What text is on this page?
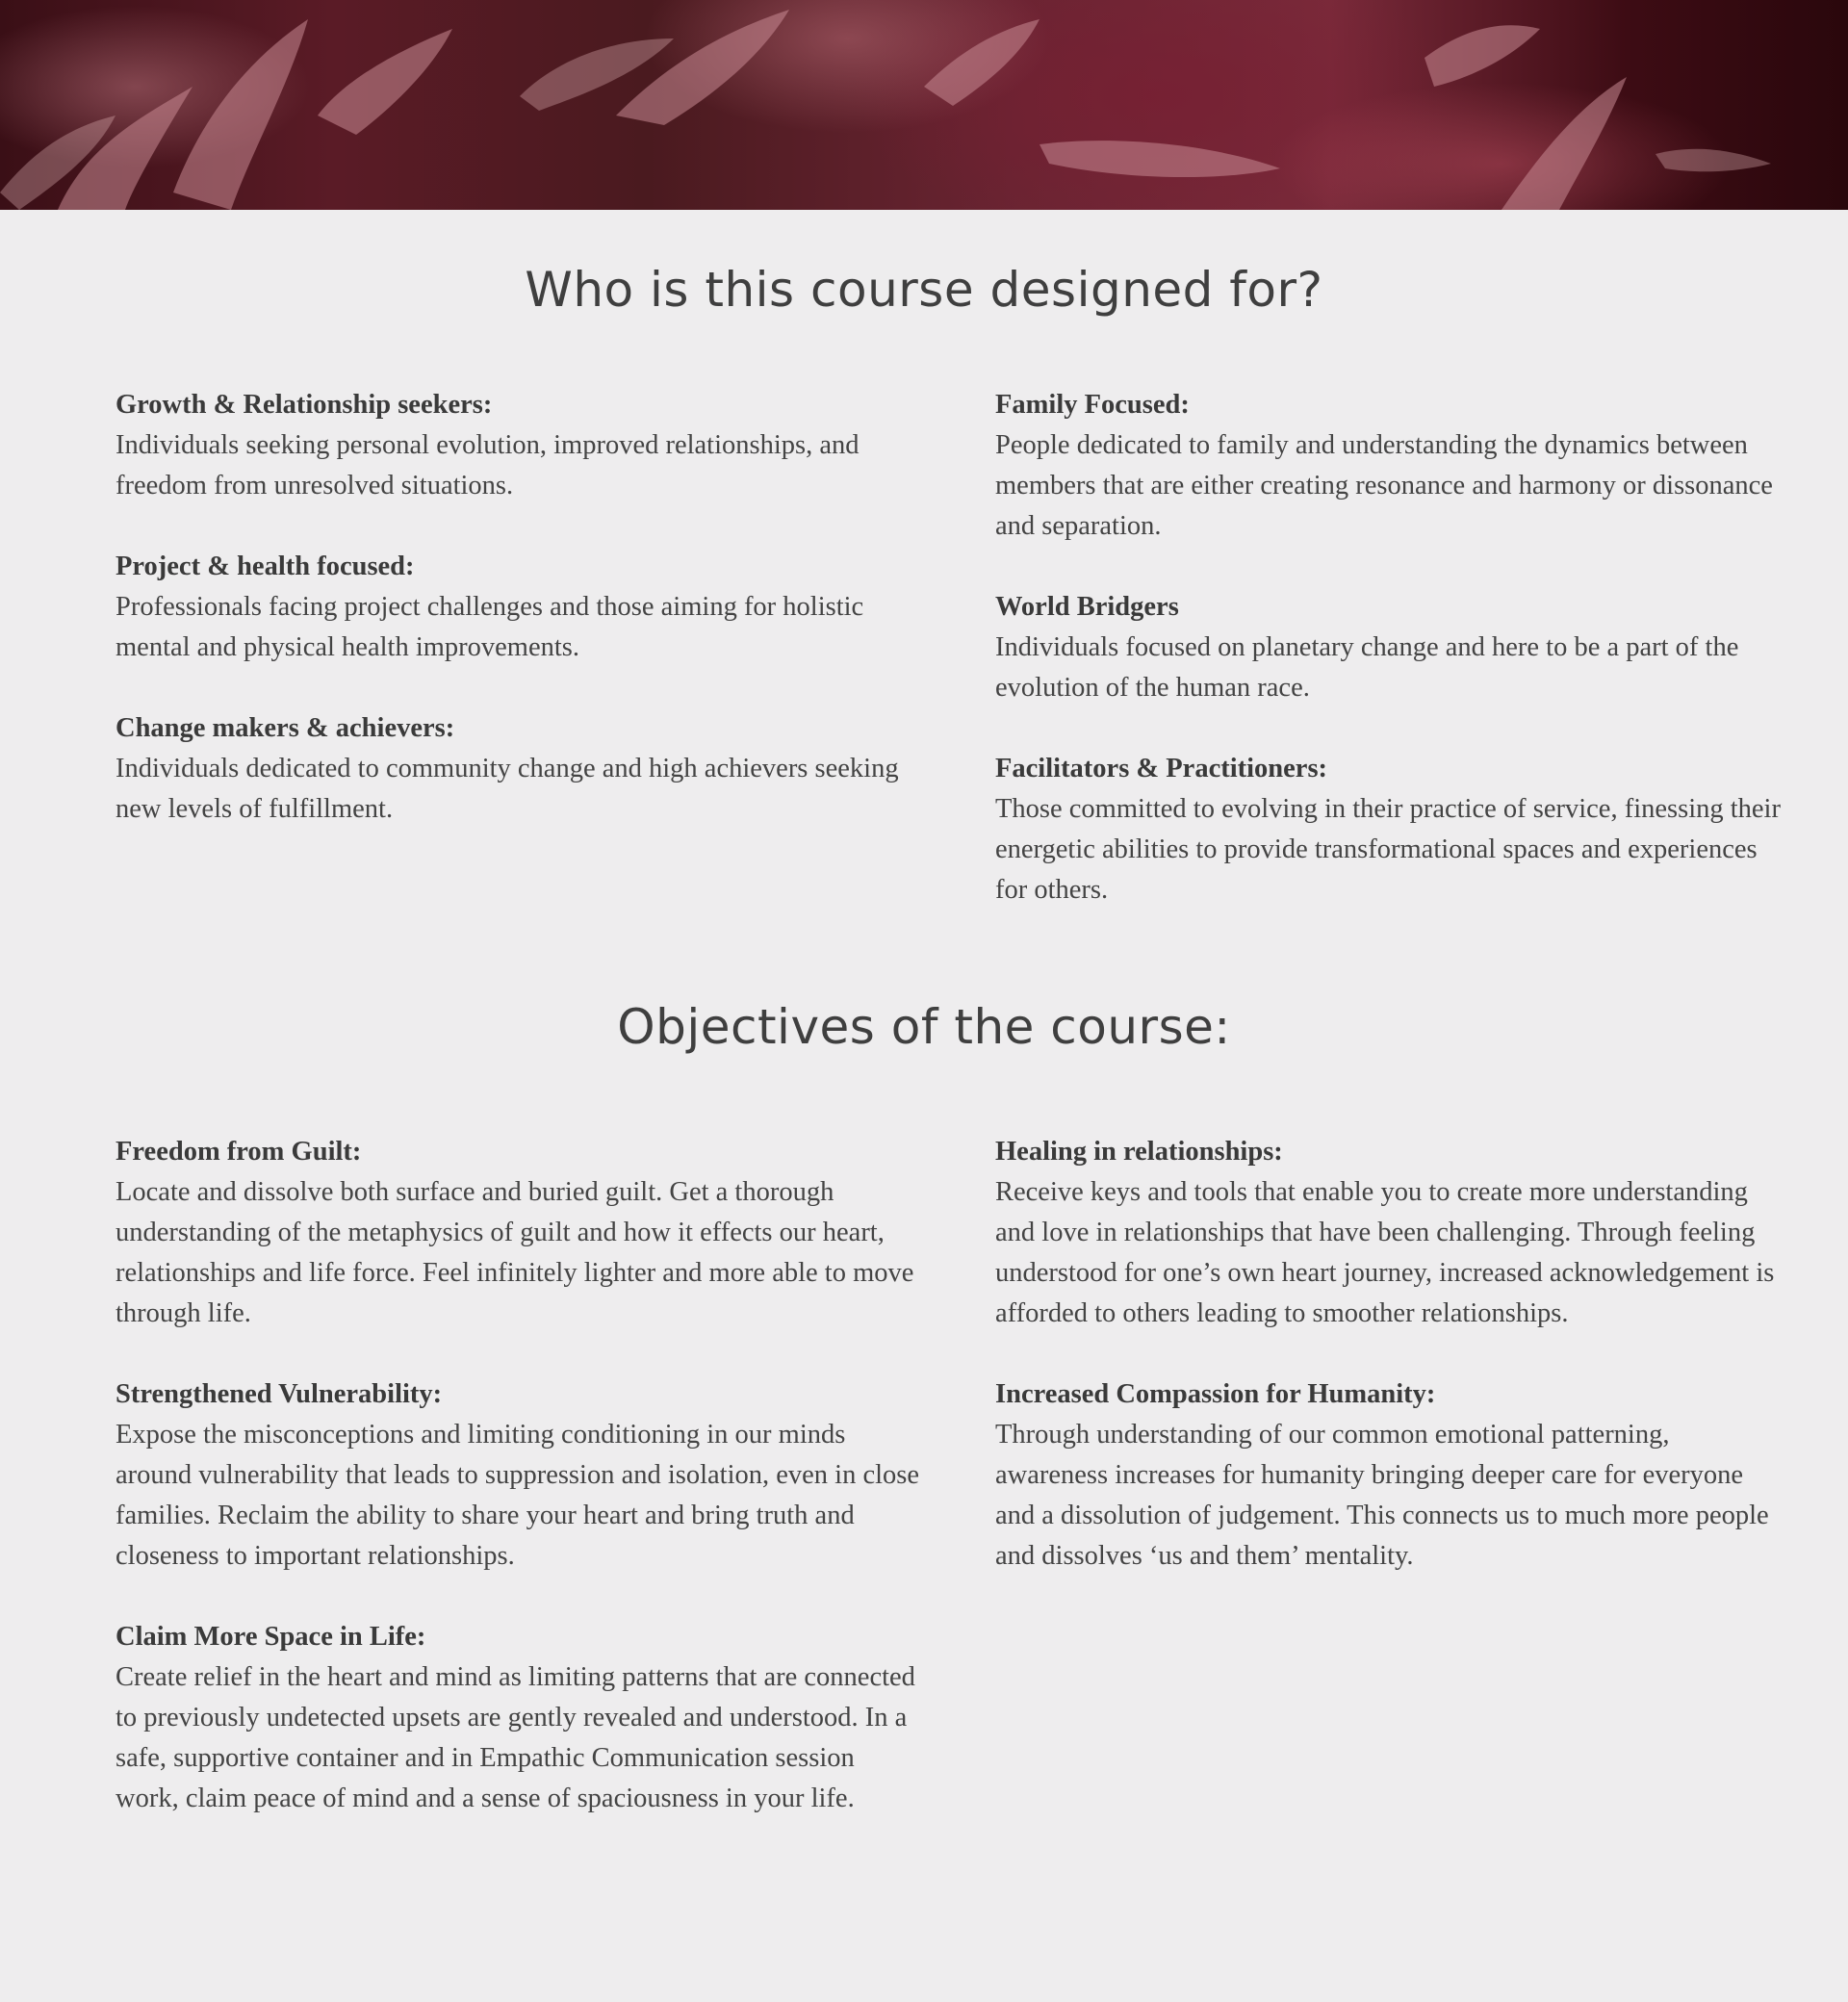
Who is this course designed for?
Growth & Relationship seekers:
Individuals seeking personal evolution, improved relationships, and freedom from unresolved situations.
Project & health focused:
Professionals facing project challenges and those aiming for holistic mental and physical health improvements.
Change makers & achievers:
Individuals dedicated to community change and high achievers seeking new levels of fulfillment.
Family Focused:
People dedicated to family and understanding the dynamics between members that are either creating resonance and harmony or dissonance and separation.
World Bridgers
Individuals focused on planetary change and here to be a part of the evolution of the human race.
Facilitators & Practitioners:
Those committed to evolving in their practice of service, finessing their energetic abilities to provide transformational spaces and experiences for others.
Objectives of the course:
Freedom from Guilt:
Locate and dissolve both surface and buried guilt. Get a thorough understanding of the metaphysics of guilt and how it effects our heart, relationships and life force. Feel infinitely lighter and more able to move through life.
Strengthened Vulnerability:
Expose the misconceptions and limiting conditioning in our minds around vulnerability that leads to suppression and isolation, even in close families. Reclaim the ability to share your heart and bring truth and closeness to important relationships.
Claim More Space in Life:
Create relief in the heart and mind as limiting patterns that are connected to previously undetected upsets are gently revealed and understood. In a safe, supportive container and in Empathic Communication session work, claim peace of mind and a sense of spaciousness in your life.
Healing in relationships:
Receive keys and tools that enable you to create more understanding and love in relationships that have been challenging. Through feeling understood for one’s own heart journey, increased acknowledgement is afforded to others leading to smoother relationships.
Increased Compassion for Humanity:
Through understanding of our common emotional patterning, awareness increases for humanity bringing deeper care for everyone and a dissolution of judgement. This connects us to much more people and dissolves ‘us and them’ mentality.
